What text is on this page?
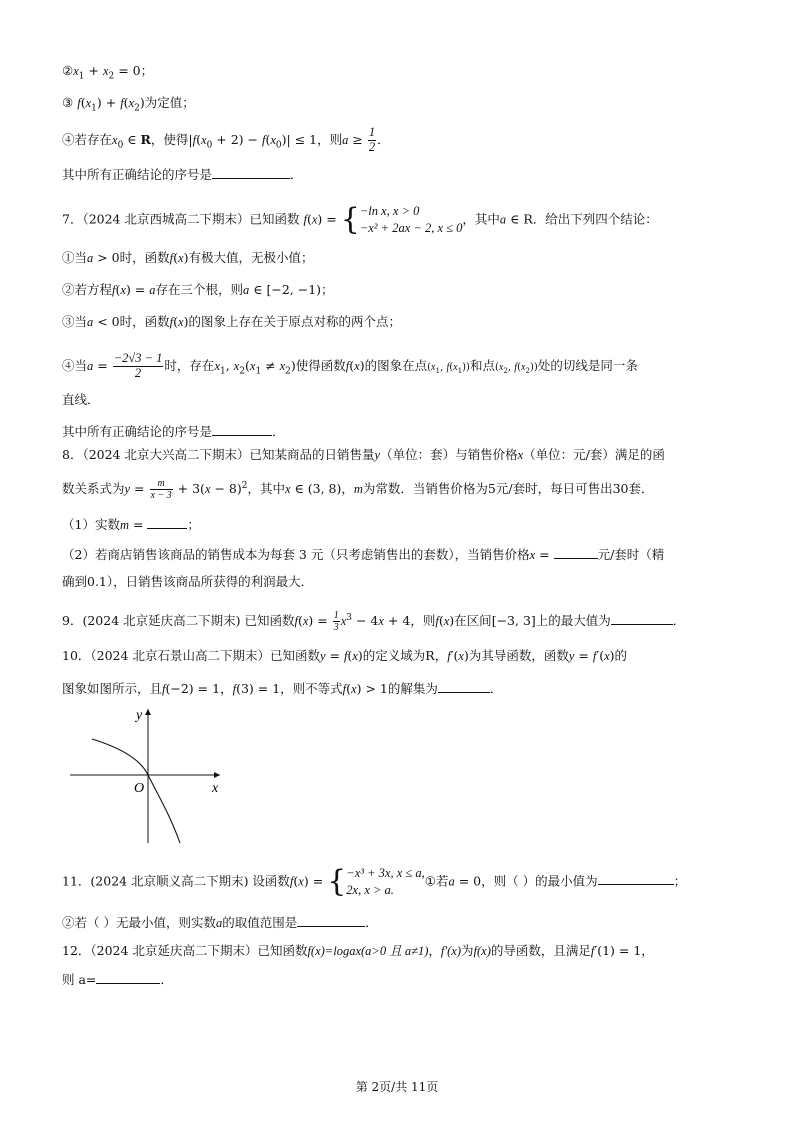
$②x_1 + x_2 = 0$；
③ $f(x_1) + f(x_2)$为定值；
④若存在$x_0$ ∈ R，使得$|f(x_0 + 2) - f(x_0)| \le 1$，则$a \ge \frac{1}{2}$ ．
其中所有正确结论的序号是	．
7．（2024 北京西城高二下期末）已知函数 f(x) = { −ln x, x > 0
−x² + 2ax − 2, x ≤ 0
，其中a ∈ R．给出下列四个结论：
①当a > 0时，函数f(x)有极大值，无极小值；
②若方程f(x) = a存在三个根，则a ∈ [−2, −1)；
③当a < 0时，函数f(x)的图象上存在关于原点对称的两个点；
④当$a = \frac{-2√3 - 1}{2}$ 时，存在$x_1$, $x_2(x_1 \ne x_2)$使得函数f(x)的图象在点($x_1$, $f(x_1)$)和点($x_2$, $f(x_2)$)处的切线是同一条
直线．
其中所有正确结论的序号是	．
8．（2024 北京大兴高二下期末）已知某商品的日销售量y（单位：套）与销售价格x（单位：元/套）满足的函
数关系式为$y = \frac{m}{x - 3} + 3(x - 8)^2$，其中x ∈ (3, 8)，m为常数．当销售价格为5元/套时，每日可售出30套．
（1）实数m =	；
（2）若商店销售该商品的销售成本为每套 3 元（只考虑销售出的套数），当销售价格x =	元/套时（精
确到0.1），日销售该商品所获得的利润最大．
9．(2024 北京延庆高二下期末) 已知函数$f(x) = \frac{1}{3} x^3 - 4x + 4$，则f(x)在区间[−3, 3]上的最大值为	．
10．（2024 北京石景山高二下期末）已知函数y = f(x)的定义域为R，f′(x)为其导函数，函数y = f′(x)的
图象如图所示，且f(−2) = 1，f(3) = 1，则不等式f(x) > 1的解集为	．
y
x
O
11．(2024 北京顺义高二下期末) 设函数f(x) = { −x³ + 3x, x ≤ a,
2x, x > a.
①若a = 0，则（ ）的最小值为	；
②若（ ）无最小值，则实数a的取值范围是	．
12．（2024 北京延庆高二下期末）已知函数f(x)=logax(a>0 且 a≠1)，f′(x)为f(x)的导函数，且满足f′(1) = 1，
则 a=	．
第 2页/共 11页
